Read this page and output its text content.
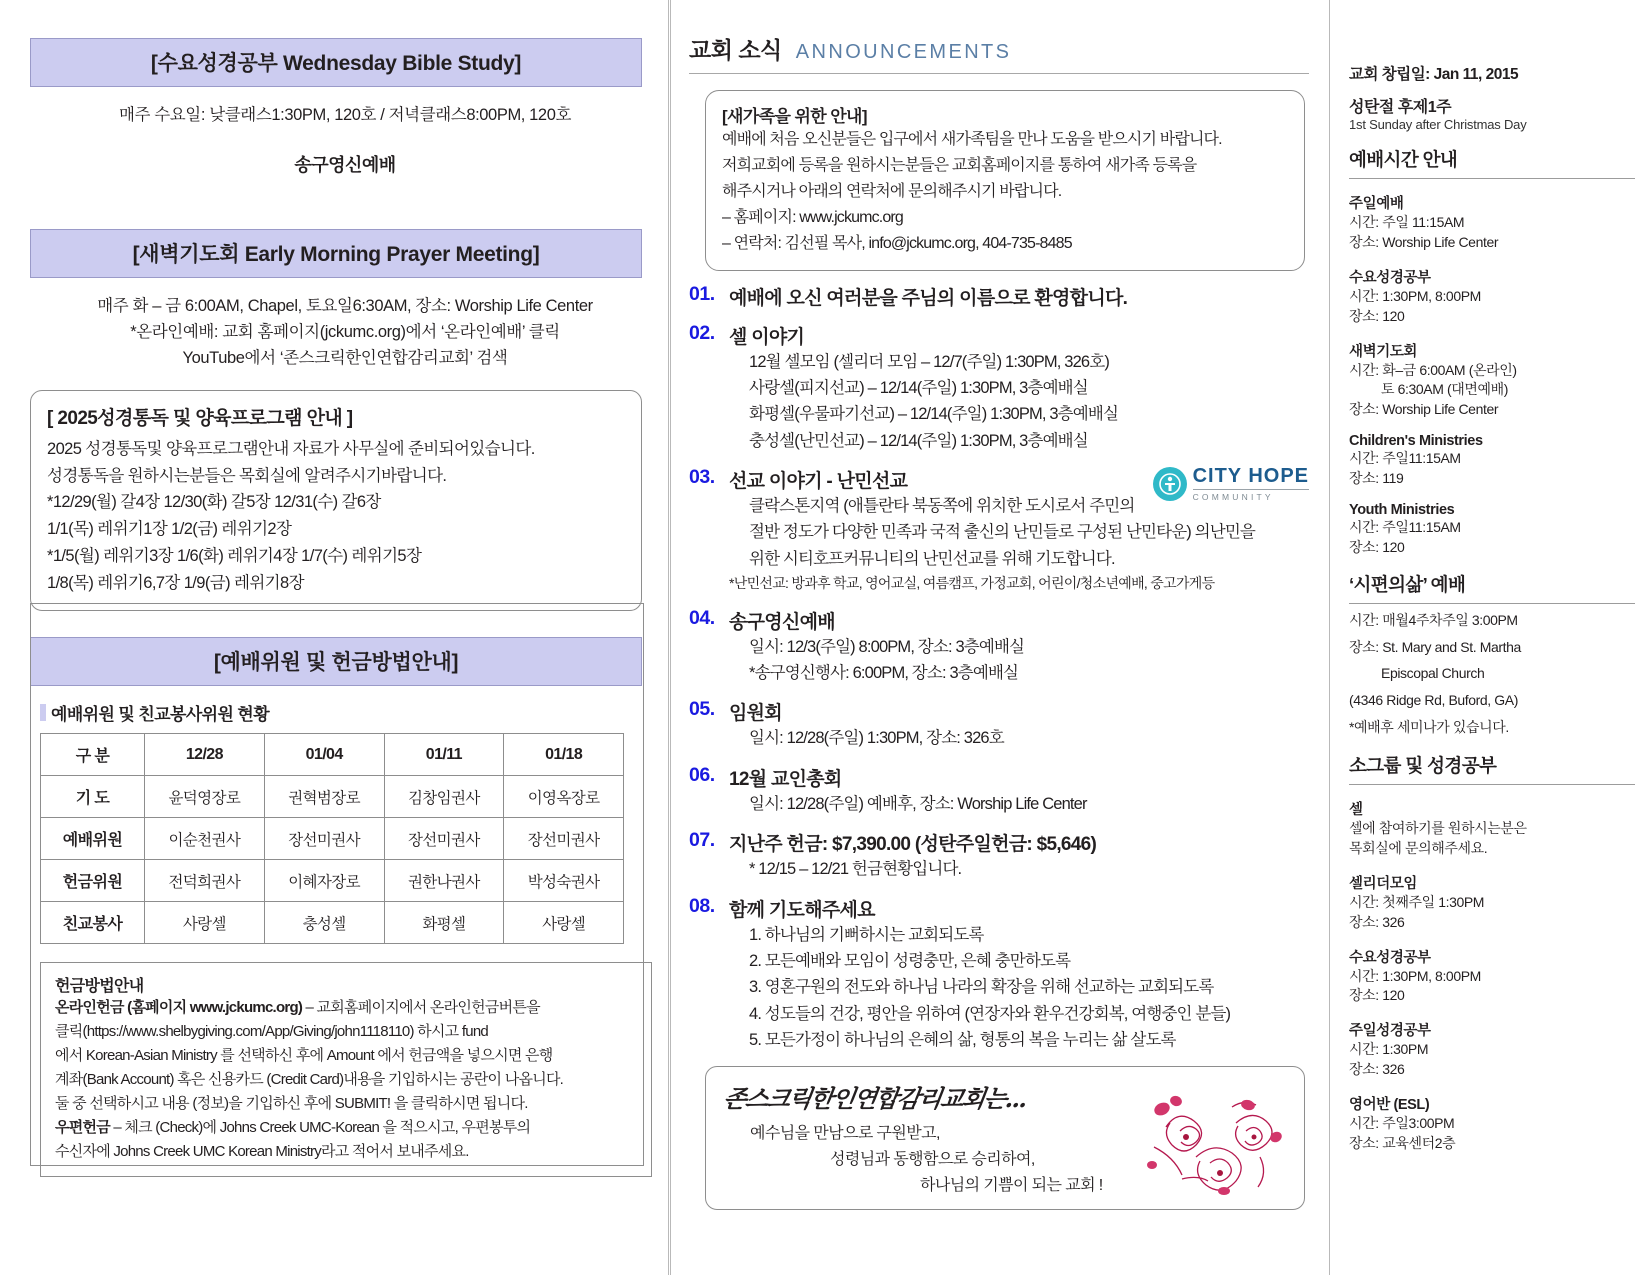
[수요성경공부 Wednesday Bible Study]
매주 수요일: 낮클래스1:30PM, 120호 / 저녁클래스8:00PM, 120호
송구영신예배
[새벽기도회 Early Morning Prayer Meeting]
매주 화 – 금 6:00AM, Chapel, 토요일6:30AM, 장소: Worship Life Center
*온라인예배: 교회 홈페이지(jckumc.org)에서 ‘온라인예배’ 클릭
YouTube에서 ‘존스크릭한인연합감리교회’ 검색
[ 2025성경통독 및 양육프로그램 안내 ]

2025 성경통독및 양육프로그램안내 자료가 사무실에 준비되어있습니다.

성경통독을 원하시는분들은 목회실에 알려주시기바랍니다.

*12/29(월) 갈4장 12/30(화) 갈5장 12/31(수) 갈6장

1/1(목) 레위기1장 1/2(금) 레위기2장

*1/5(월) 레위기3장 1/6(화) 레위기4장 1/7(수) 레위기5장

1/8(목) 레위기6,7장 1/9(금) 레위기8장

[예배위원 및 헌금방법안내]
예배위원 및 친교봉사위원 현황
구 분	12/28	01/04	01/11	01/18
기 도	윤덕영장로	권혁범장로	김창임권사	이영옥장로
예배위원	이순천권사	장선미권사	장선미권사	장선미권사
헌금위원	전덕희권사	이혜자장로	권한나권사	박성숙권사
친교봉사	사랑셀	충성셀	화평셀	사랑셀
헌금방법안내

온라인헌금 (홈페이지 www.jckumc.org) – 교회홈페이지에서 온라인헌금버튼을

클릭(https://www.shelbygiving.com/App/Giving/john1118110) 하시고 fund

에서 Korean-Asian Ministry 를 선택하신 후에 Amount 에서 헌금액을 넣으시면 은행

계좌(Bank Account) 혹은 신용카드 (Credit Card)내용을 기입하시는 공란이 나옵니다.

둘 중 선택하시고 내용 (정보)을 기입하신 후에 SUBMIT! 을 클릭하시면 됩니다.

우편헌금 – 체크 (Check)에 Johns Creek UMC-Korean 을 적으시고, 우편봉투의

수신자에 Johns Creek UMC Korean Ministry라고 적어서 보내주세요.

교회 소식 ANNOUNCEMENTS
[새가족을 위한 안내]

예배에 처음 오신분들은 입구에서 새가족팀을 만나 도움을 받으시기 바랍니다.

저희교회에 등록을 원하시는분들은 교회홈페이지를 통하여 새가족 등록을

해주시거나 아래의 연락처에 문의해주시기 바랍니다.

– 홈페이지: www.jckumc.org

– 연락처: 김선필 목사, info@jckumc.org, 404-735-8485

01. 예배에 오신 여러분을 주님의 이름으로 환영합니다.
02. 셀 이야기
12월 셀모임 (셀리더 모임 – 12/7(주일) 1:30PM, 326호)
사랑셀(피지선교) – 12/14(주일) 1:30PM, 3층예배실
화평셀(우물파기선교) – 12/14(주일) 1:30PM, 3층예배실
충성셀(난민선교) – 12/14(주일) 1:30PM, 3층예배실
03. 선교 이야기 - 난민선교
클락스톤지역 (애틀란타 북동쪽에 위치한 도시로서 주민의
절반 정도가 다양한 민족과 국적 출신의 난민들로 구성된 난민타운) 의난민을
위한 시티호프커뮤니티의 난민선교를 위해 기도합니다.
*난민선교: 방과후 학교, 영어교실, 여름캠프, 가정교회, 어린이/청소년예배, 중고가게등
CITY HOPE
COMMUNITY
04. 송구영신예배
일시: 12/3(주일) 8:00PM, 장소: 3층예배실
*송구영신행사: 6:00PM, 장소: 3층예배실
05. 임원회
일시: 12/28(주일) 1:30PM, 장소: 326호
06. 12월 교인총회
일시: 12/28(주일) 예배후, 장소: Worship Life Center
07. 지난주 헌금: $7,390.00 (성탄주일헌금: $5,646)
* 12/15 – 12/21 헌금현황입니다.
08. 함께 기도해주세요
1. 하나님의 기뻐하시는 교회되도록
2. 모든예배와 모임이 성령충만, 은혜 충만하도록
3. 영혼구원의 전도와 하나님 나라의 확장을 위해 선교하는 교회되도록
4. 성도들의 건강, 평안을 위하여 (연장자와 환우건강회복, 여행중인 분들)
5. 모든가정이 하나님의 은혜의 삶, 형통의 복을 누리는 삶 살도록
존스크릭한인연합감리교회는...
예수님을 만남으로 구원받고,
성령님과 동행함으로 승리하여,
하나님의 기쁨이 되는 교회 !
교회 창립일: Jan 11, 2015
성탄절 후제1주
1st Sunday after Christmas Day
예배시간 안내
주일예배
시간: 주일 11:15AM
장소: Worship Life Center
수요성경공부
시간: 1:30PM, 8:00PM
장소: 120
새벽기도회
시간: 화–금 6:00AM (온라인)
토 6:30AM (대면예배)
장소: Worship Life Center
Children's Ministries
시간: 주일11:15AM
장소: 119
Youth Ministries
시간: 주일11:15AM
장소: 120
‘시편의삶’ 예배
시간: 매월4주차주일 3:00PM
장소: St. Mary and St. Martha
Episcopal Church
(4346 Ridge Rd, Buford, GA)
*예배후 세미나가 있습니다.
소그룹 및 성경공부
셀
셀에 참여하기를 원하시는분은
목회실에 문의해주세요.
셀리더모임
시간: 첫째주일 1:30PM
장소: 326
수요성경공부
시간: 1:30PM, 8:00PM
장소: 120
주일성경공부
시간: 1:30PM
장소: 326
영어반 (ESL)
시간: 주일3:00PM
장소: 교육센터2층
